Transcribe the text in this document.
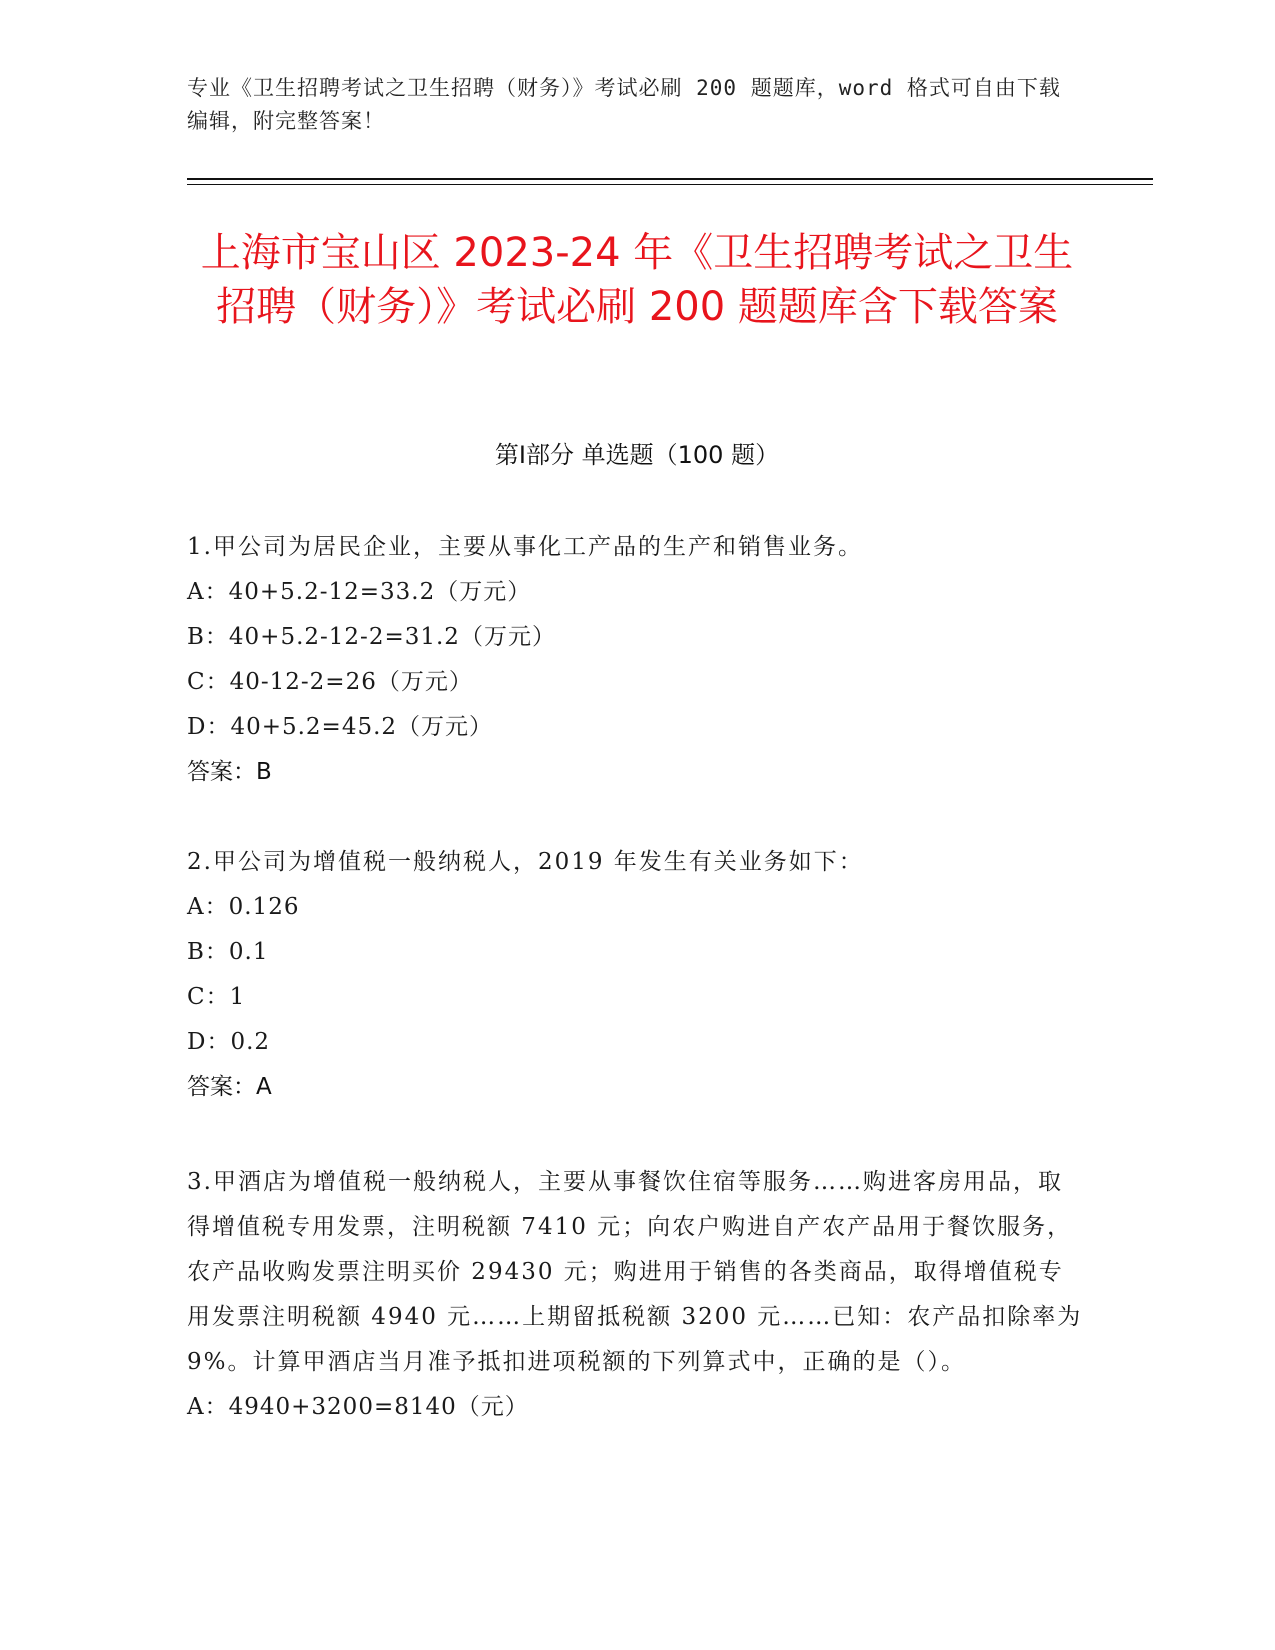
专业《卫生招聘考试之卫生招聘（财务）》考试必刷 200 题题库，word 格式可自由下载编辑，附完整答案！
上海市宝山区 2023-24 年《卫生招聘考试之卫生招聘（财务）》考试必刷 200 题题库含下载答案
第Ⅰ部分 单选题（100 题）

1.甲公司为居民企业，主要从事化工产品的生产和销售业务。

A：40+5.2-12=33.2（万元）

B：40+5.2-12-2=31.2（万元）

C：40-12-2=26（万元）

D：40+5.2=45.2（万元）

答案：B

2.甲公司为增值税一般纳税人，2019 年发生有关业务如下：

A：0.126

B：0.1

C：1

D：0.2

答案：A

3.甲酒店为增值税一般纳税人，主要从事餐饮住宿等服务……购进客房用品，取得增值税专用发票，注明税额 7410 元；向农户购进自产农产品用于餐饮服务，农产品收购发票注明买价 29430 元；购进用于销售的各类商品，取得增值税专用发票注明税额 4940 元……上期留抵税额 3200 元……已知：农产品扣除率为 9%。计算甲酒店当月准予抵扣进项税额的下列算式中，正确的是（）。

A：4940+3200=8140（元）
